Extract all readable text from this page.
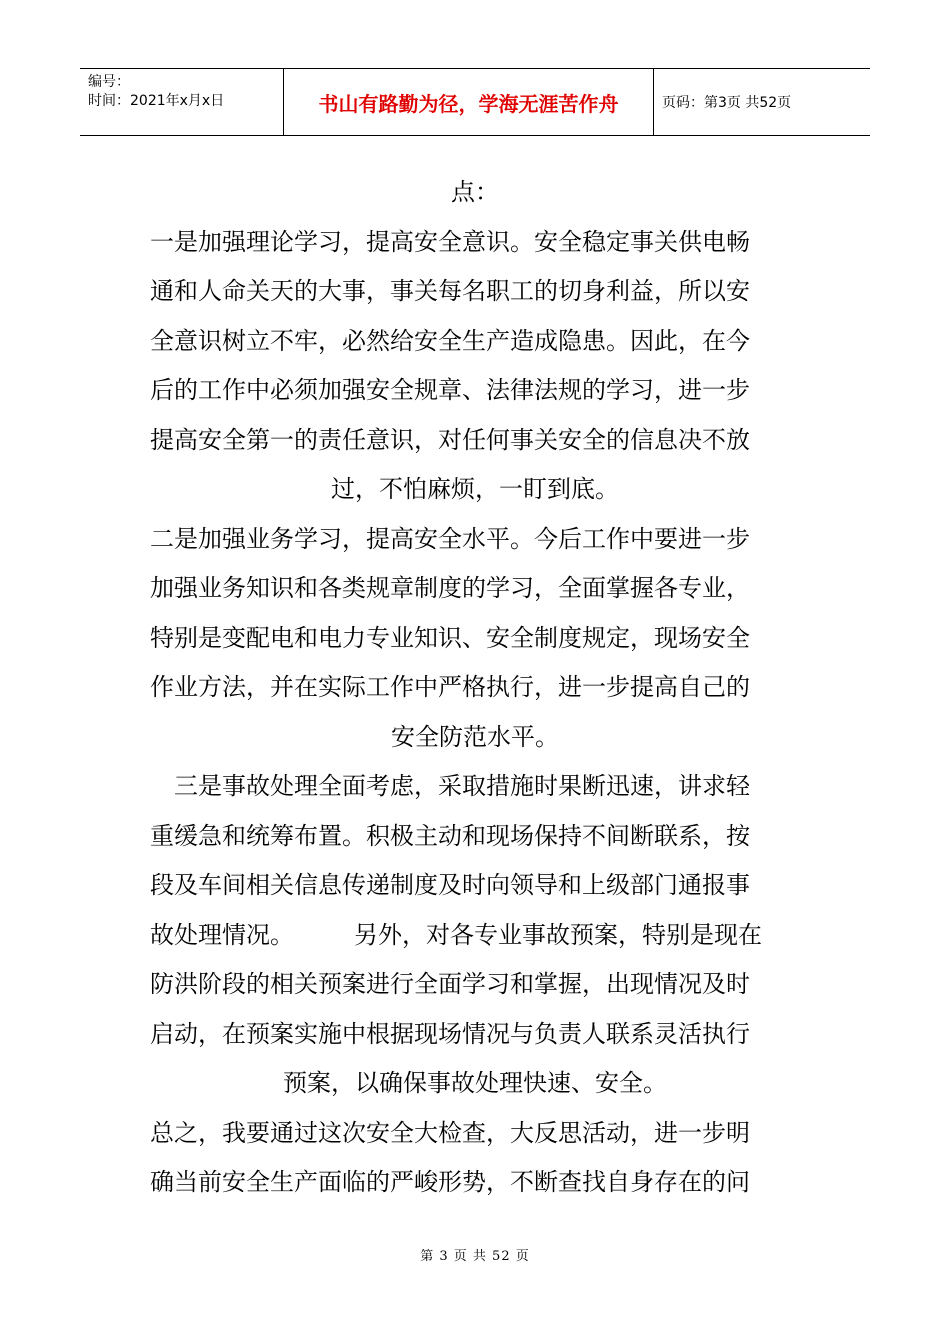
编号：
时间：2021年x月x日	书山有路勤为径，学海无涯苦作舟	页码：第3页 共52页
点：
一是加强理论学习，提高安全意识。安全稳定事关供电畅
通和人命关天的大事，事关每名职工的切身利益，所以安
全意识树立不牢，必然给安全生产造成隐患。因此，在今
后的工作中必须加强安全规章、法律法规的学习，进一步
提高安全第一的责任意识，对任何事关安全的信息决不放
过，不怕麻烦，一盯到底。
二是加强业务学习，提高安全水平。今后工作中要进一步
加强业务知识和各类规章制度的学习，全面掌握各专业，
特别是变配电和电力专业知识、安全制度规定，现场安全
作业方法，并在实际工作中严格执行，进一步提高自己的
安全防范水平。
　三是事故处理全面考虑，采取措施时果断迅速，讲求轻
重缓急和统筹布置。积极主动和现场保持不间断联系，按
段及车间相关信息传递制度及时向领导和上级部门通报事
故处理情况。　　　另外，对各专业事故预案，特别是现在
防洪阶段的相关预案进行全面学习和掌握，出现情况及时
启动，在预案实施中根据现场情况与负责人联系灵活执行
预案，以确保事故处理快速、安全。
总之，我要通过这次安全大检查，大反思活动，进一步明
确当前安全生产面临的严峻形势，不断查找自身存在的问
第 3 页 共 52 页
